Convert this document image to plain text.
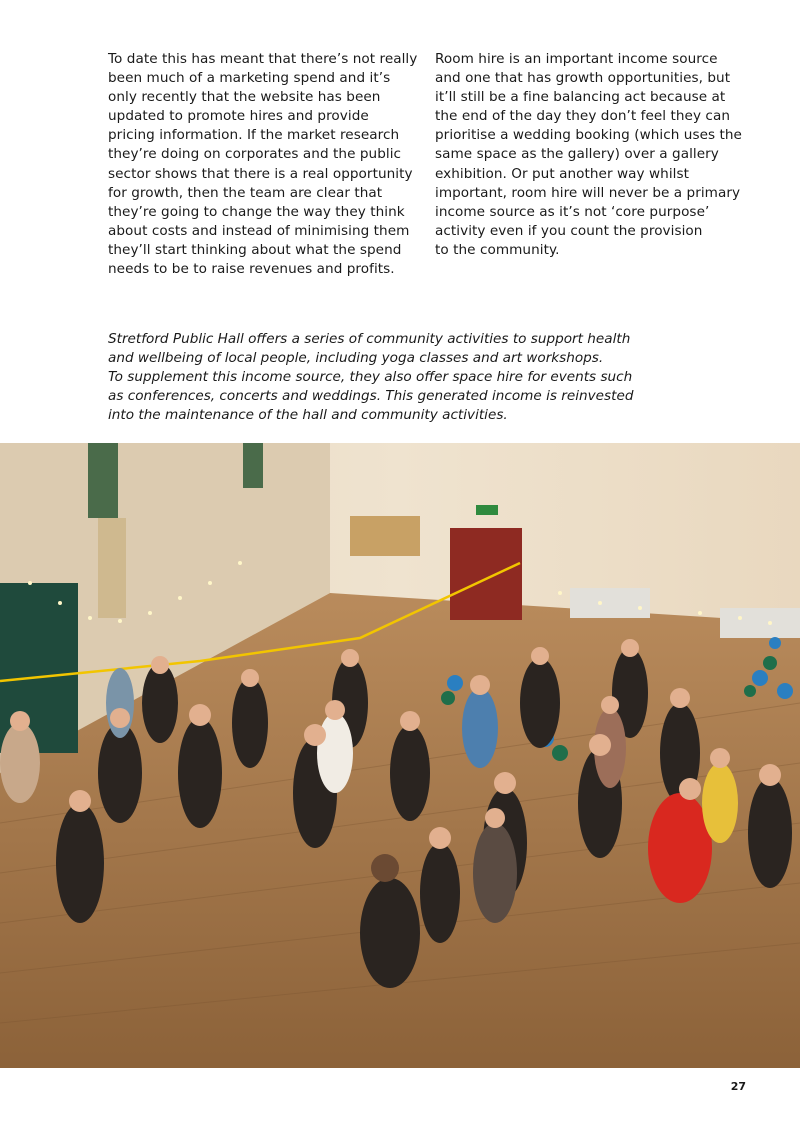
To date this has meant that there’s not really
been much of a marketing spend and it’s
only recently that the website has been
updated to promote hires and provide
pricing information. If the market research
they’re doing on corporates and the public
sector shows that there is a real opportunity
for growth, then the team are clear that
they’re going to change the way they think
about costs and instead of minimising them
they’ll start thinking about what the spend
needs to be to raise revenues and profits.

Room hire is an important income source
and one that has growth opportunities, but
it’ll still be a fine balancing act because at
the end of the day they don’t feel they can
prioritise a wedding booking (which uses the
same space as the gallery) over a gallery
exhibition. Or put another way whilst
important, room hire will never be a primary
income source as it’s not ‘core purpose’
activity even if you count the provision
to the community.

Stretford Public Hall offers a series of community activities to support health
and wellbeing of local people, including yoga classes and art workshops.
To supplement this income source, they also offer space hire for events such
as conferences, concerts and weddings. This generated income is reinvested
into the maintenance of the hall and community activities.
27
